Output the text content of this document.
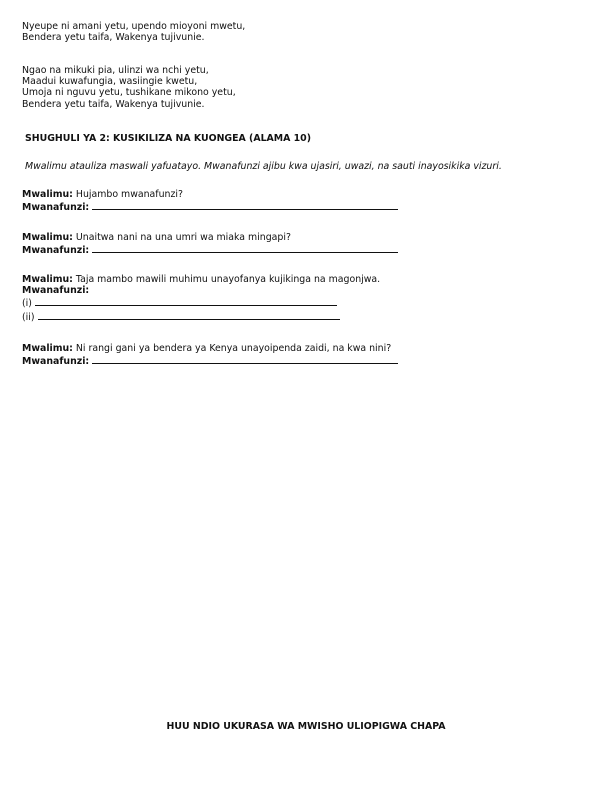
Nyeupe ni amani yetu, upendo mioyoni mwetu,
Bendera yetu taifa, Wakenya tujivunie.
Ngao na mikuki pia, ulinzi wa nchi yetu,
Maadui kuwafungia, wasiingie kwetu,
Umoja ni nguvu yetu, tushikane mikono yetu,
Bendera yetu taifa, Wakenya tujivunie.
SHUGHULI YA 2: KUSIKILIZA NA KUONGEA (ALAMA 10)
Mwalimu atauliza maswali yafuatayo. Mwanafunzi ajibu kwa ujasiri, uwazi, na sauti inayosikika vizuri.
Mwalimu: Hujambo mwanafunzi?
Mwanafunzi:
Mwalimu: Unaitwa nani na una umri wa miaka mingapi?
Mwanafunzi:
Mwalimu: Taja mambo mawili muhimu unayofanya kujikinga na magonjwa.
Mwanafunzi:
(i)
(ii)
Mwalimu: Ni rangi gani ya bendera ya Kenya unayoipenda zaidi, na kwa nini?
Mwanafunzi:
HUU NDIO UKURASA WA MWISHO ULIOPIGWA CHAPA
